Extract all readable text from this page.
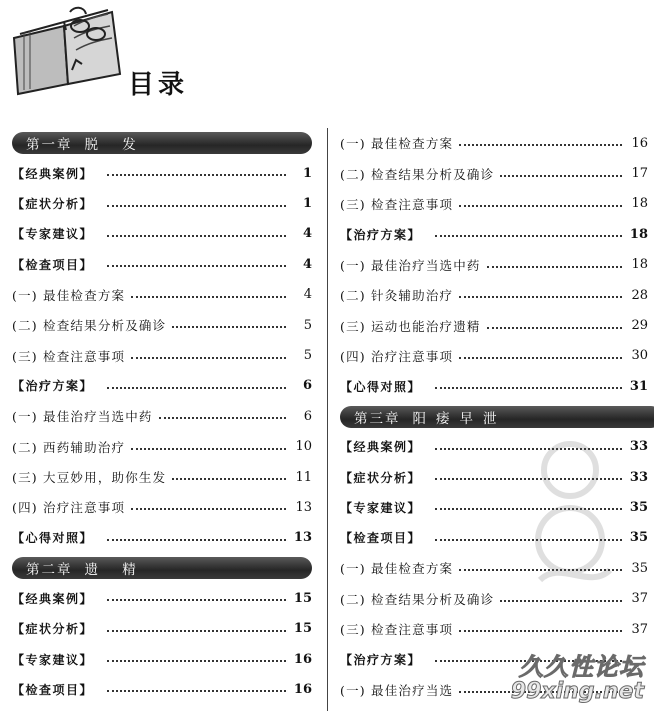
目录
第一章 脱 发
【经典案例】	1
【症状分析】	1
【专家建议】	4
【检查项目】	4
(一) 最佳检查方案	4
(二) 检查结果分析及确诊	5
(三) 检查注意事项	5
【治疗方案】	6
(一) 最佳治疗当选中药	6
(二) 西药辅助治疗	10
(三) 大豆妙用，助你生发	11
(四) 治疗注意事项	13
【心得对照】	13
第二章 遗 精
【经典案例】	15
【症状分析】	15
【专家建议】	16
【检查项目】	16
(一) 最佳检查方案	16
(二) 检查结果分析及确诊	17
(三) 检查注意事项	18
【治疗方案】	18
(一) 最佳治疗当选中药	18
(二) 针灸辅助治疗	28
(三) 运动也能治疗遗精	29
(四) 治疗注意事项	30
【心得对照】	31
第三章 阳痿早泄
【经典案例】	33
【症状分析】	33
【专家建议】	35
【检查项目】	35
(一) 最佳检查方案	35
(二) 检查结果分析及确诊	37
(三) 检查注意事项	37
【治疗方案】
(一) 最佳治疗当选
久久性论坛
99xing.net
